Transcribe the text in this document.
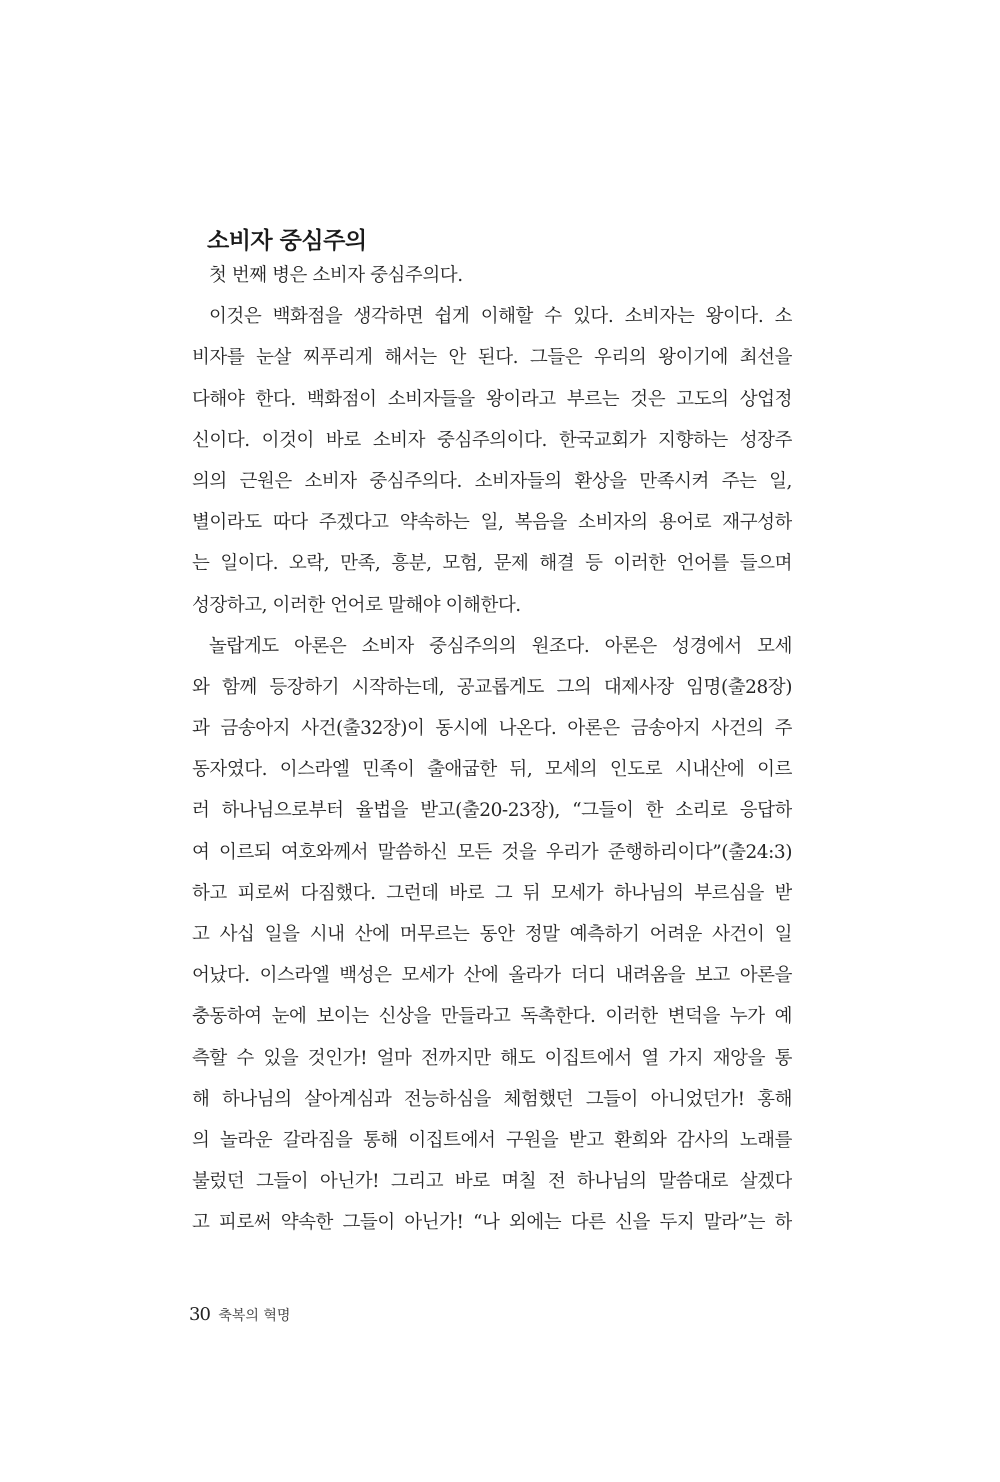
소비자 중심주의
첫 번째 병은 소비자 중심주의다.
이것은 백화점을 생각하면 쉽게 이해할 수 있다. 소비자는 왕이다. 소
비자를 눈살 찌푸리게 해서는 안 된다. 그들은 우리의 왕이기에 최선을
다해야 한다. 백화점이 소비자들을 왕이라고 부르는 것은 고도의 상업정
신이다. 이것이 바로 소비자 중심주의이다. 한국교회가 지향하는 성장주
의의 근원은 소비자 중심주의다. 소비자들의 환상을 만족시켜 주는 일,
별이라도 따다 주겠다고 약속하는 일, 복음을 소비자의 용어로 재구성하
는 일이다. 오락, 만족, 흥분, 모험, 문제 해결 등 이러한 언어를 들으며
성장하고, 이러한 언어로 말해야 이해한다.
놀랍게도 아론은 소비자 중심주의의 원조다. 아론은 성경에서 모세
와 함께 등장하기 시작하는데, 공교롭게도 그의 대제사장 임명(출28장)
과 금송아지 사건(출32장)이 동시에 나온다. 아론은 금송아지 사건의 주
동자였다. 이스라엘 민족이 출애굽한 뒤, 모세의 인도로 시내산에 이르
러 하나님으로부터 율법을 받고(출20-23장), “그들이 한 소리로 응답하
여 이르되 여호와께서 말씀하신 모든 것을 우리가 준행하리이다”(출24:3)
하고 피로써 다짐했다. 그런데 바로 그 뒤 모세가 하나님의 부르심을 받
고 사십 일을 시내 산에 머무르는 동안 정말 예측하기 어려운 사건이 일
어났다. 이스라엘 백성은 모세가 산에 올라가 더디 내려옴을 보고 아론을
충동하여 눈에 보이는 신상을 만들라고 독촉한다. 이러한 변덕을 누가 예
측할 수 있을 것인가! 얼마 전까지만 해도 이집트에서 열 가지 재앙을 통
해 하나님의 살아계심과 전능하심을 체험했던 그들이 아니었던가! 홍해
의 놀라운 갈라짐을 통해 이집트에서 구원을 받고 환희와 감사의 노래를
불렀던 그들이 아닌가! 그리고 바로 며칠 전 하나님의 말씀대로 살겠다
고 피로써 약속한 그들이 아닌가! “나 외에는 다른 신을 두지 말라”는 하
30 축복의 혁명
